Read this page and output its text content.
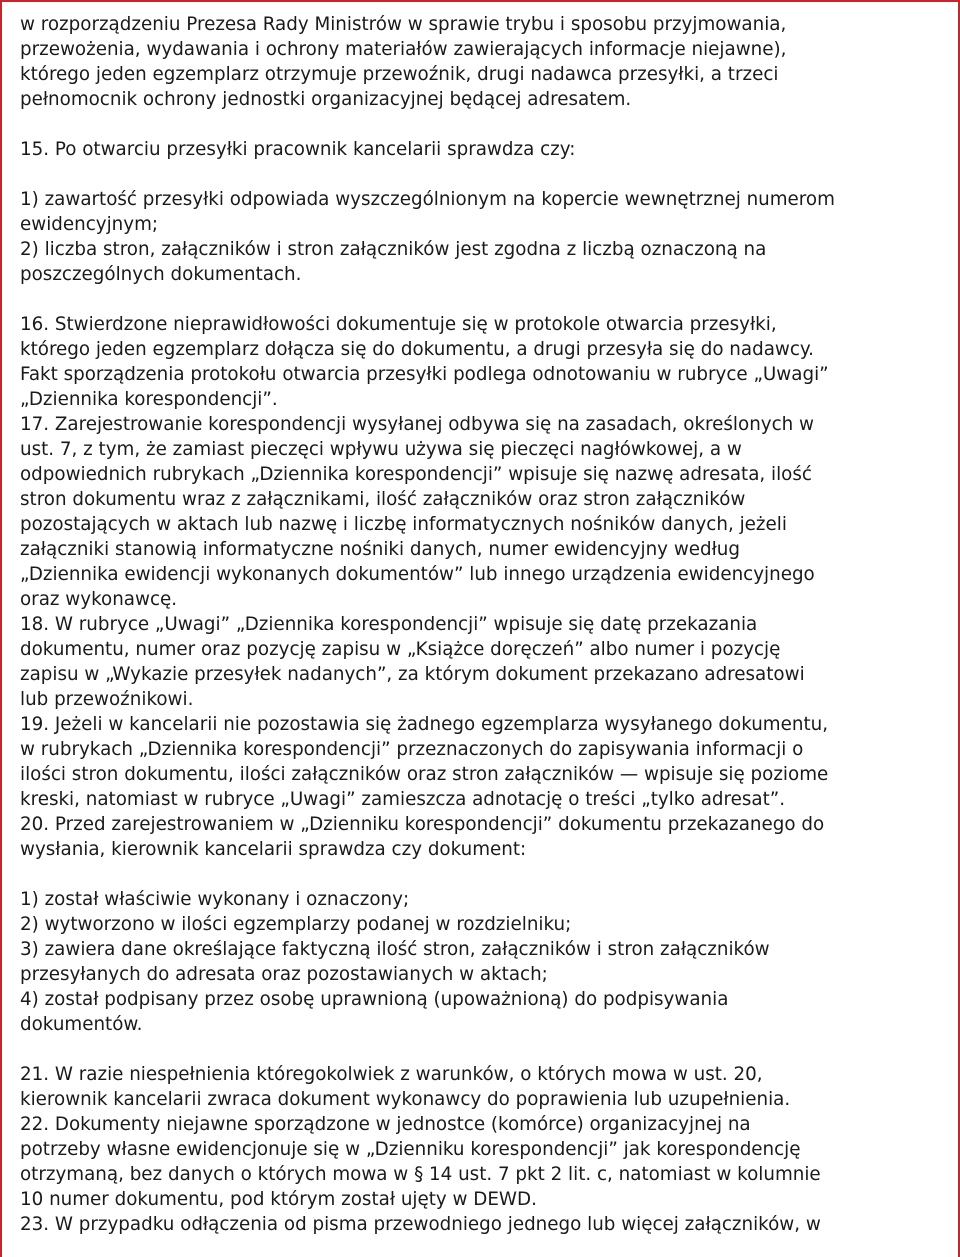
w rozporządzeniu Prezesa Rady Ministrów w sprawie trybu i sposobu przyjmowania,
przewożenia, wydawania i ochrony materiałów zawierających informacje niejawne),
którego jeden egzemplarz otrzymuje przewoźnik, drugi nadawca przesyłki, a trzeci
pełnomocnik ochrony jednostki organizacyjnej będącej adresatem.
15. Po otwarciu przesyłki pracownik kancelarii sprawdza czy:
1) zawartość przesyłki odpowiada wyszczególnionym na kopercie wewnętrznej numerom
ewidencyjnym;
2) liczba stron, załączników i stron załączników jest zgodna z liczbą oznaczoną na
poszczególnych dokumentach.
16. Stwierdzone nieprawidłowości dokumentuje się w protokole otwarcia przesyłki,
którego jeden egzemplarz dołącza się do dokumentu, a drugi przesyła się do nadawcy.
Fakt sporządzenia protokołu otwarcia przesyłki podlega odnotowaniu w rubryce „Uwagi”
„Dziennika korespondencji”.
17. Zarejestrowanie korespondencji wysyłanej odbywa się na zasadach, określonych w
ust. 7, z tym, że zamiast pieczęci wpływu używa się pieczęci nagłówkowej, a w
odpowiednich rubrykach „Dziennika korespondencji” wpisuje się nazwę adresata, ilość
stron dokumentu wraz z załącznikami, ilość załączników oraz stron załączników
pozostających w aktach lub nazwę i liczbę informatycznych nośników danych, jeżeli
załączniki stanowią informatyczne nośniki danych, numer ewidencyjny według
„Dziennika ewidencji wykonanych dokumentów” lub innego urządzenia ewidencyjnego
oraz wykonawcę.
18. W rubryce „Uwagi” „Dziennika korespondencji” wpisuje się datę przekazania
dokumentu, numer oraz pozycję zapisu w „Książce doręczeń” albo numer i pozycję
zapisu w „Wykazie przesyłek nadanych”, za którym dokument przekazano adresatowi
lub przewoźnikowi.
19. Jeżeli w kancelarii nie pozostawia się żadnego egzemplarza wysyłanego dokumentu,
w rubrykach „Dziennika korespondencji” przeznaczonych do zapisywania informacji o
ilości stron dokumentu, ilości załączników oraz stron załączników — wpisuje się poziome
kreski, natomiast w rubryce „Uwagi” zamieszcza adnotację o treści „tylko adresat”.
20. Przed zarejestrowaniem w „Dzienniku korespondencji” dokumentu przekazanego do
wysłania, kierownik kancelarii sprawdza czy dokument:
1) został właściwie wykonany i oznaczony;
2) wytworzono w ilości egzemplarzy podanej w rozdzielniku;
3) zawiera dane określające faktyczną ilość stron, załączników i stron załączników
przesyłanych do adresata oraz pozostawianych w aktach;
4) został podpisany przez osobę uprawnioną (upoważnioną) do podpisywania
dokumentów.
21. W razie niespełnienia któregokolwiek z warunków, o których mowa w ust. 20,
kierownik kancelarii zwraca dokument wykonawcy do poprawienia lub uzupełnienia.
22. Dokumenty niejawne sporządzone w jednostce (komórce) organizacyjnej na
potrzeby własne ewidencjonuje się w „Dzienniku korespondencji” jak korespondencję
otrzymaną, bez danych o których mowa w § 14 ust. 7 pkt 2 lit. c, natomiast w kolumnie
10 numer dokumentu, pod którym został ujęty w DEWD.
23. W przypadku odłączenia od pisma przewodniego jednego lub więcej załączników, w
